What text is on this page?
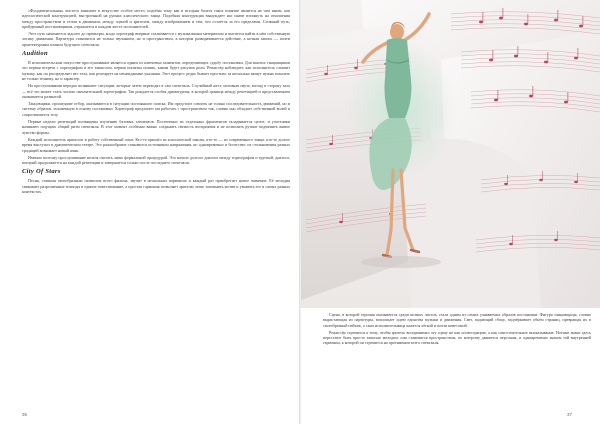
«Фундаментальная» чистота занимает в искусстве особое место, подобно тому как в истории балета такое понятие является не чем иным, как идеологической конструкцией, выстроенной на руинах классического танца. Подобная конструкция вынуждает нас иначе взглянуть на отношения между пространством и телом в движении, между сценой и зрителем, между изображением и тем, что остаётся за его пределами. Сложный путь, пройденный постановщиком, отражается в каждом жесте исполнителей.

Этот путь начинается задолго до премьеры, когда хореограф впервые сталкивается с музыкальным материалом и пытается найти в нём собственную логику движения. Партитура становится не только звучанием, но и пространством, в котором разворачивается действие, а нотная запись — почти архитектурным планом будущего спектакля.

Audition

В исполнительском искусстве прослушивание является одним из ключевых моментов, определяющих судьбу постановки. Для многих танцовщиков это первая встреча с хореографом и его замыслом, первая попытка понять, каким будет рисунок роли. Режиссёр наблюдает, как исполнитель слышит музыку, как он распределяет вес тела, как реагирует на неожиданные указания. Этот процесс редко бывает простым: за несколько минут нужно показать не только технику, но и характер.

На прослушивании нередко возникают ситуации, которые затем переходят в сам спектакль. Случайный жест, неловкая пауза, взгляд в сторону зала — всё это может стать частью окончательной хореографии. Так рождается особая драматургия, в которой граница между репетицией и представлением оказывается размытой.

Танцовщики, прошедшие отбор, оказываются в ситуации постоянного поиска. Им предстоит освоить не только последовательность движений, но и систему образов, заложенную в основу постановки. Хореограф предлагает им работать с пространством так, словно оно обладает собственной волей и сопротивляется телу.

Первые недели репетиций посвящены изучению базовых элементов. Постепенно из отдельных фрагментов складывается целое, и участники начинают ощущать общий ритм спектакля. В этот момент особенно важно сохранить свежесть восприятия и не позволить рутине подменить живое чувство формы.

Каждый исполнитель приносит в работу собственный опыт. Кто-то пришёл из классической школы, кто-то — из современного танца, кто-то долгое время выступал в драматическом театре. Это разнообразие становится источником напряжения, но одновременно и богатства: из столкновения разных традиций возникает новый язык.

Именно поэтому прослушивание нельзя считать лишь формальной процедурой. Это начало долгого диалога между хореографом и труппой, диалога, который продолжается на каждой репетиции и завершается только после последнего спектакля.

City Of Stars

Песня, ставшая своеобразным символом всего фильма, звучит в нескольких вариантах и каждый раз приобретает новое значение. Её мелодия связывает разрозненные эпизоды в единое повествование, а простая гармония позволяет зрителю легко запомнить мотив и узнавать его в самых разных контекстах.

36

Сцена, в которой героиня оказывается среди нотных листов, стала одним из самых узнаваемых образов постановки. Фигура танцовщицы, словно вырастающая из партитуры, воплощает идею единства музыки и движения. Свет, падающий сбоку, подчёркивает объём страниц, превращая их в своеобразный пейзаж, а сама исполнительница кажется лёгкой и почти невесомой.

Режиссёр стремился к тому, чтобы зритель воспринимал эту сцену не как иллюстрацию, а как самостоятельное высказывание. Нотные знаки здесь перестают быть просто записью мелодии: они становятся пространством, по которому движется персонаж, и одновременно знаком той внутренней гармонии, к которой он стремится на протяжении всего спектакля.

37
